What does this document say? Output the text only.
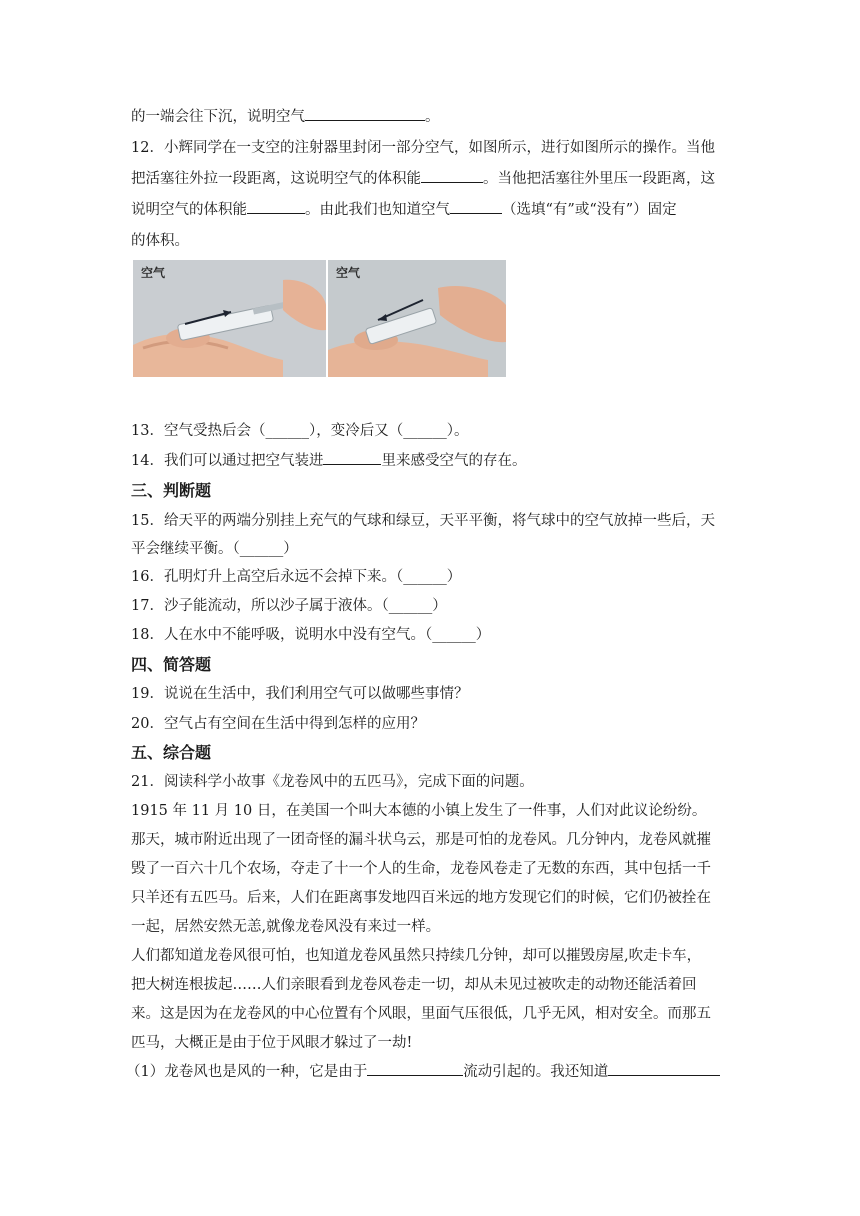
的一端会往下沉，说明空气	。
12．小辉同学在一支空的注射器里封闭一部分空气，如图所示，进行如图所示的操作。当他
把活塞往外拉一段距离，这说明空气的体积能	。当他把活塞往外里压一段距离，这
说明空气的体积能	。由此我们也知道空气	（选填“有”或“没有”）固定
的体积。
空气	空气
13．空气受热后会（______），变冷后又（______）。
14．我们可以通过把空气装进	里来感受空气的存在。
三、判断题
15．给天平的两端分别挂上充气的气球和绿豆，天平平衡，将气球中的空气放掉一些后，天
平会继续平衡。（______）
16．孔明灯升上高空后永远不会掉下来。（______）
17．沙子能流动，所以沙子属于液体。（______）
18．人在水中不能呼吸，说明水中没有空气。（______）
四、简答题
19．说说在生活中，我们利用空气可以做哪些事情？
20．空气占有空间在生活中得到怎样的应用？
五、综合题
21．阅读科学小故事《龙卷风中的五匹马》，完成下面的问题。
1915 年 11 月 10 日，在美国一个叫大本德的小镇上发生了一件事，人们对此议论纷纷。
那天，城市附近出现了一团奇怪的漏斗状乌云，那是可怕的龙卷风。几分钟内，龙卷风就摧
毁了一百六十几个农场，夺走了十一个人的生命，龙卷风卷走了无数的东西，其中包括一千
只羊还有五匹马。后来，人们在距离事发地四百米远的地方发现它们的时候，它们仍被拴在
一起，居然安然无恙,就像龙卷风没有来过一样。
人们都知道龙卷风很可怕，也知道龙卷风虽然只持续几分钟，却可以摧毁房屋,吹走卡车，
把大树连根拔起……人们亲眼看到龙卷风卷走一切，却从未见过被吹走的动物还能活着回
来。这是因为在龙卷风的中心位置有个风眼，里面气压很低，几乎无风，相对安全。而那五
匹马，大概正是由于位于风眼才躲过了一劫!
（1）龙卷风也是风的一种，它是由于	流动引起的。我还知道
